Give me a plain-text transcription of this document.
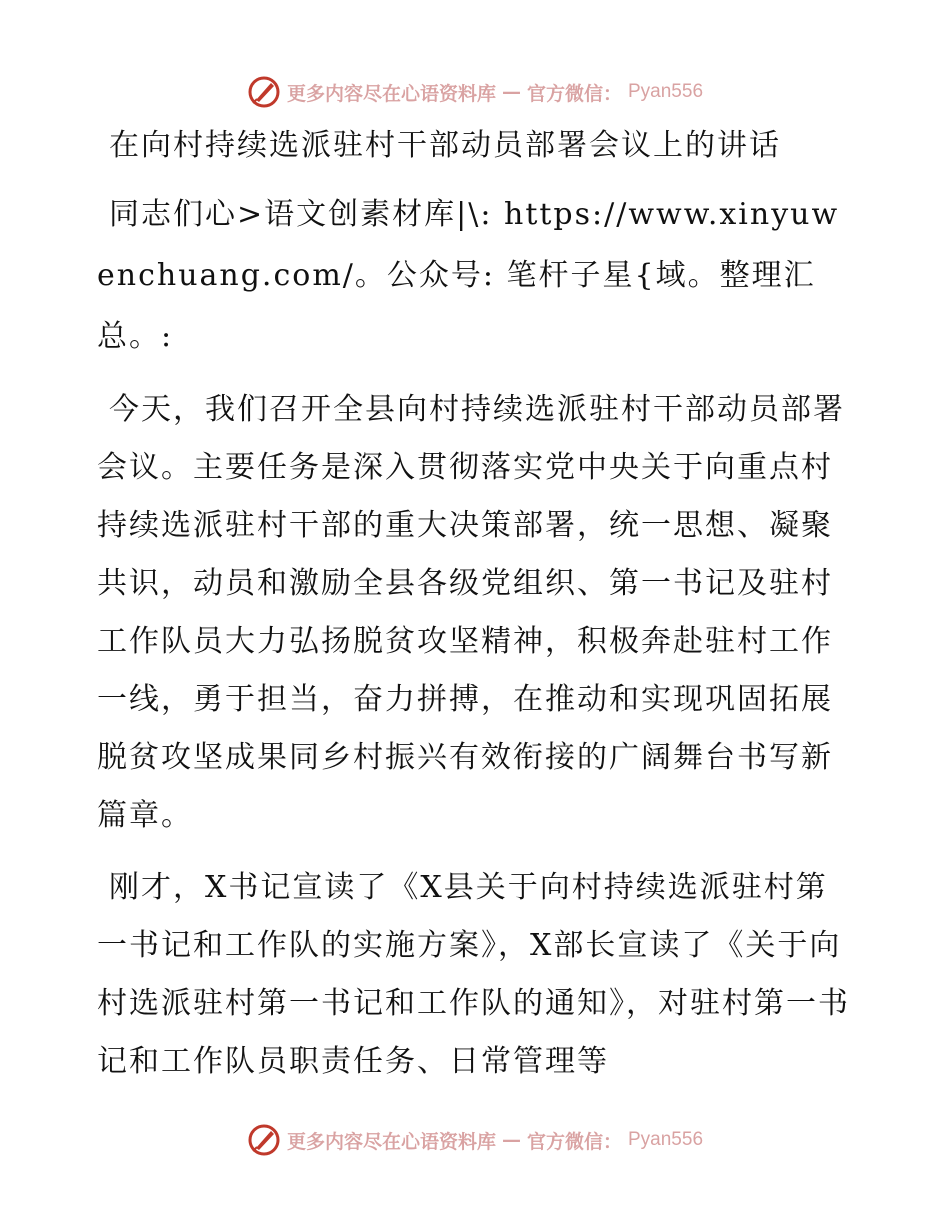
更多内容尽在心语资料库 — 官方微信： Pyan556
在向村持续选派驻村干部动员部署会议上的讲话
同志们心>语文创素材库|\: https://www.xinyuwenchuang.com/。公众号: 笔杆子星{域。整理汇总。:
今天，我们召开全县向村持续选派驻村干部动员部署会议。主要任务是深入贯彻落实党中央关于向重点村持续选派驻村干部的重大决策部署，统一思想、凝聚共识，动员和激励全县各级党组织、第一书记及驻村工作队员大力弘扬脱贫攻坚精神，积极奔赴驻村工作一线，勇于担当，奋力拼搏，在推动和实现巩固拓展脱贫攻坚成果同乡村振兴有效衔接的广阔舞台书写新篇章。
刚才，X书记宣读了《X县关于向村持续选派驻村第一书记和工作队的实施方案》，X部长宣读了《关于向村选派驻村第一书记和工作队的通知》，对驻村第一书记和工作队员职责任务、日常管理等
更多内容尽在心语资料库 — 官方微信： Pyan556
